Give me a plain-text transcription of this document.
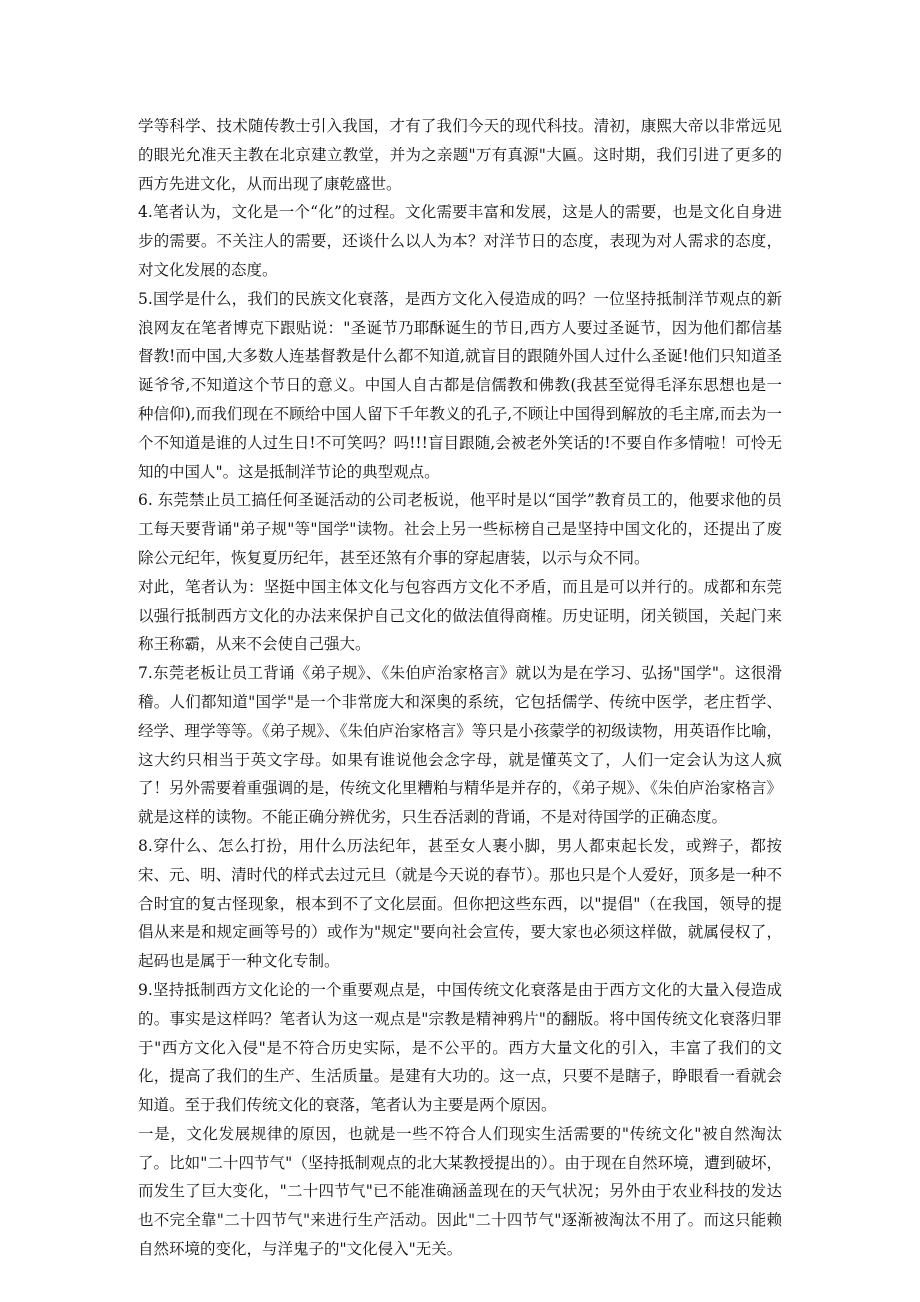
学等科学、技术随传教士引入我国，才有了我们今天的现代科技。清初，康熙大帝以非常远见的眼光允准天主教在北京建立教堂，并为之亲题"万有真源"大匾。这时期，我们引进了更多的西方先进文化，从而出现了康乾盛世。

4.笔者认为，文化是一个“化”的过程。文化需要丰富和发展，这是人的需要，也是文化自身进步的需要。不关注人的需要，还谈什么以人为本？对洋节日的态度，表现为对人需求的态度，对文化发展的态度。

5.国学是什么，我们的民族文化衰落，是西方文化入侵造成的吗？一位坚持抵制洋节观点的新浪网友在笔者博克下跟贴说："圣诞节乃耶酥诞生的节日,西方人要过圣诞节，因为他们都信基督教!而中国,大多数人连基督教是什么都不知道,就盲目的跟随外国人过什么圣诞!他们只知道圣诞爷爷,不知道这个节日的意义。中国人自古都是信儒教和佛教(我甚至觉得毛泽东思想也是一种信仰),而我们现在不顾给中国人留下千年教义的孔子,不顾让中国得到解放的毛主席,而去为一个不知道是谁的人过生日!不可笑吗？吗!!!盲目跟随,会被老外笑话的!不要自作多情啦！可怜无知的中国人"。这是抵制洋节论的典型观点。

6. 东莞禁止员工搞任何圣诞活动的公司老板说，他平时是以“国学”教育员工的，他要求他的员工每天要背诵"弟子规"等"国学"读物。社会上另一些标榜自己是坚持中国文化的，还提出了废除公元纪年，恢复夏历纪年，甚至还煞有介事的穿起唐装，以示与众不同。

对此，笔者认为：坚挺中国主体文化与包容西方文化不矛盾，而且是可以并行的。成都和东莞以强行抵制西方文化的办法来保护自己文化的做法值得商榷。历史证明，闭关锁国，关起门来称王称霸，从来不会使自己强大。

7.东莞老板让员工背诵《弟子规》、《朱伯庐治家格言》就以为是在学习、弘扬"国学"。这很滑稽。人们都知道"国学"是一个非常庞大和深奥的系统，它包括儒学、传统中医学，老庄哲学、经学、理学等等。《弟子规》、《朱伯庐治家格言》等只是小孩蒙学的初级读物，用英语作比喻，这大约只相当于英文字母。如果有谁说他会念字母，就是懂英文了，人们一定会认为这人疯了！另外需要着重强调的是，传统文化里糟粕与精华是并存的，《弟子规》、《朱伯庐治家格言》就是这样的读物。不能正确分辨优劣，只生吞活剥的背诵，不是对待国学的正确态度。

8.穿什么、怎么打扮，用什么历法纪年，甚至女人裹小脚，男人都束起长发，或辫子，都按宋、元、明、清时代的样式去过元旦（就是今天说的春节）。那也只是个人爱好，顶多是一种不合时宜的复古怪现象，根本到不了文化层面。但你把这些东西，以"提倡"（在我国，领导的提倡从来是和规定画等号的）或作为"规定"要向社会宣传，要大家也必须这样做，就属侵权了，起码也是属于一种文化专制。

9.坚持抵制西方文化论的一个重要观点是，中国传统文化衰落是由于西方文化的大量入侵造成的。事实是这样吗？笔者认为这一观点是"宗教是精神鸦片"的翻版。将中国传统文化衰落归罪于"西方文化入侵"是不符合历史实际，是不公平的。西方大量文化的引入，丰富了我们的文化，提高了我们的生产、生活质量。是建有大功的。这一点，只要不是瞎子，睁眼看一看就会知道。至于我们传统文化的衰落，笔者认为主要是两个原因。

一是，文化发展规律的原因，也就是一些不符合人们现实生活需要的"传统文化"被自然淘汰了。比如"二十四节气"（坚持抵制观点的北大某教授提出的）。由于现在自然环境，遭到破坏，而发生了巨大变化，"二十四节气"已不能准确涵盖现在的天气状况；另外由于农业科技的发达也不完全靠"二十四节气"来进行生产活动。因此"二十四节气"逐渐被淘汰不用了。而这只能赖自然环境的变化，与洋鬼子的"文化侵入"无关。
